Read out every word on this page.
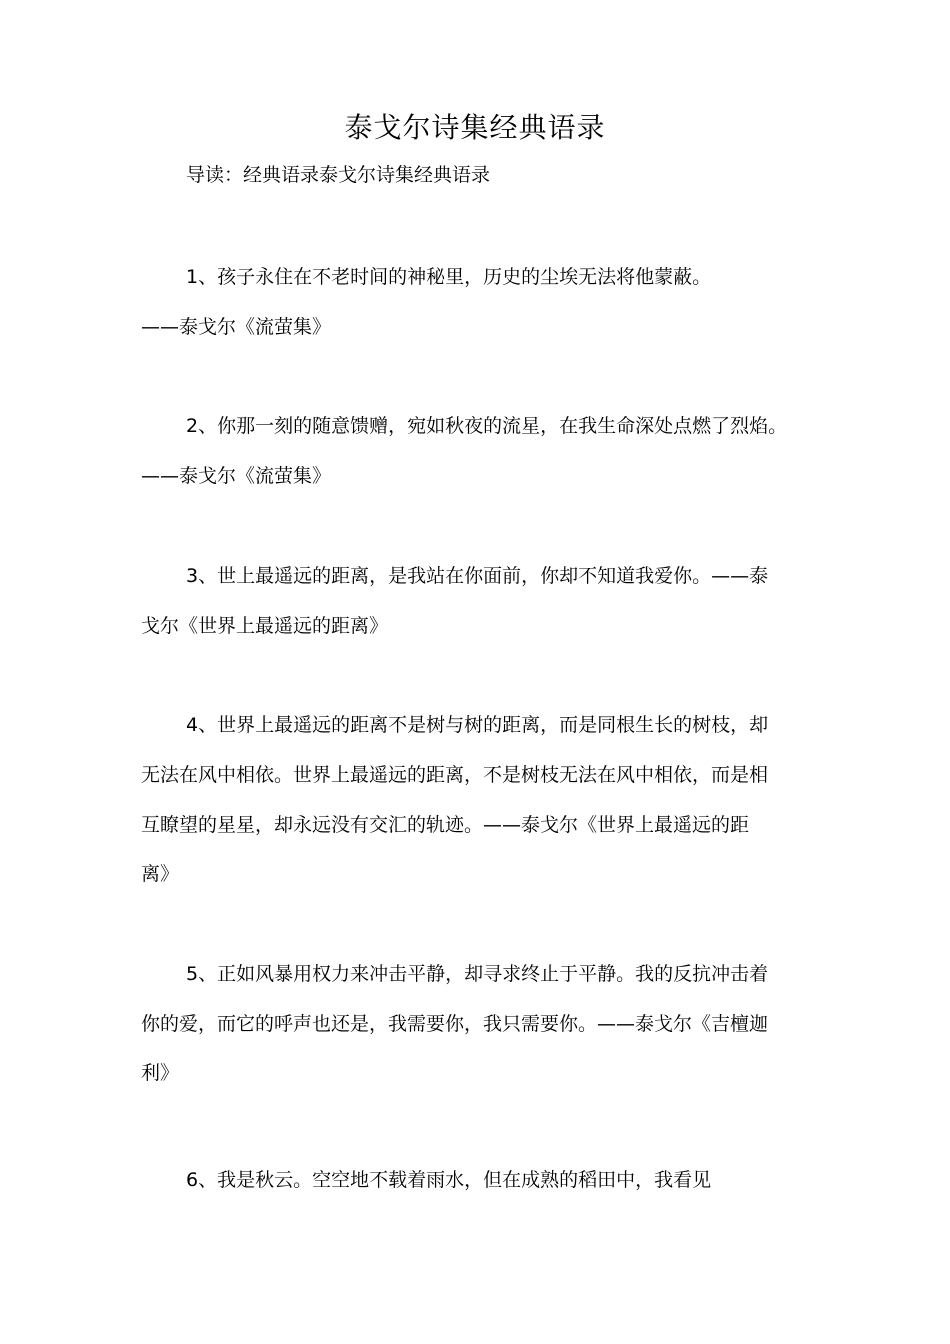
泰戈尔诗集经典语录
导读：经典语录泰戈尔诗集经典语录
1、孩子永住在不老时间的神秘里，历史的尘埃无法将他蒙蔽。
——泰戈尔《流萤集》
2、你那一刻的随意馈赠，宛如秋夜的流星，在我生命深处点燃了烈焰。
——泰戈尔《流萤集》
3、世上最遥远的距离，是我站在你面前，你却不知道我爱你。——泰
戈尔《世界上最遥远的距离》
4、世界上最遥远的距离不是树与树的距离，而是同根生长的树枝，却
无法在风中相依。世界上最遥远的距离，不是树枝无法在风中相依，而是相
互瞭望的星星，却永远没有交汇的轨迹。——泰戈尔《世界上最遥远的距
离》
5、正如风暴用权力来冲击平静，却寻求终止于平静。我的反抗冲击着
你的爱，而它的呼声也还是，我需要你，我只需要你。——泰戈尔《吉檀迦
利》
6、我是秋云。空空地不载着雨水，但在成熟的稻田中，我看见
